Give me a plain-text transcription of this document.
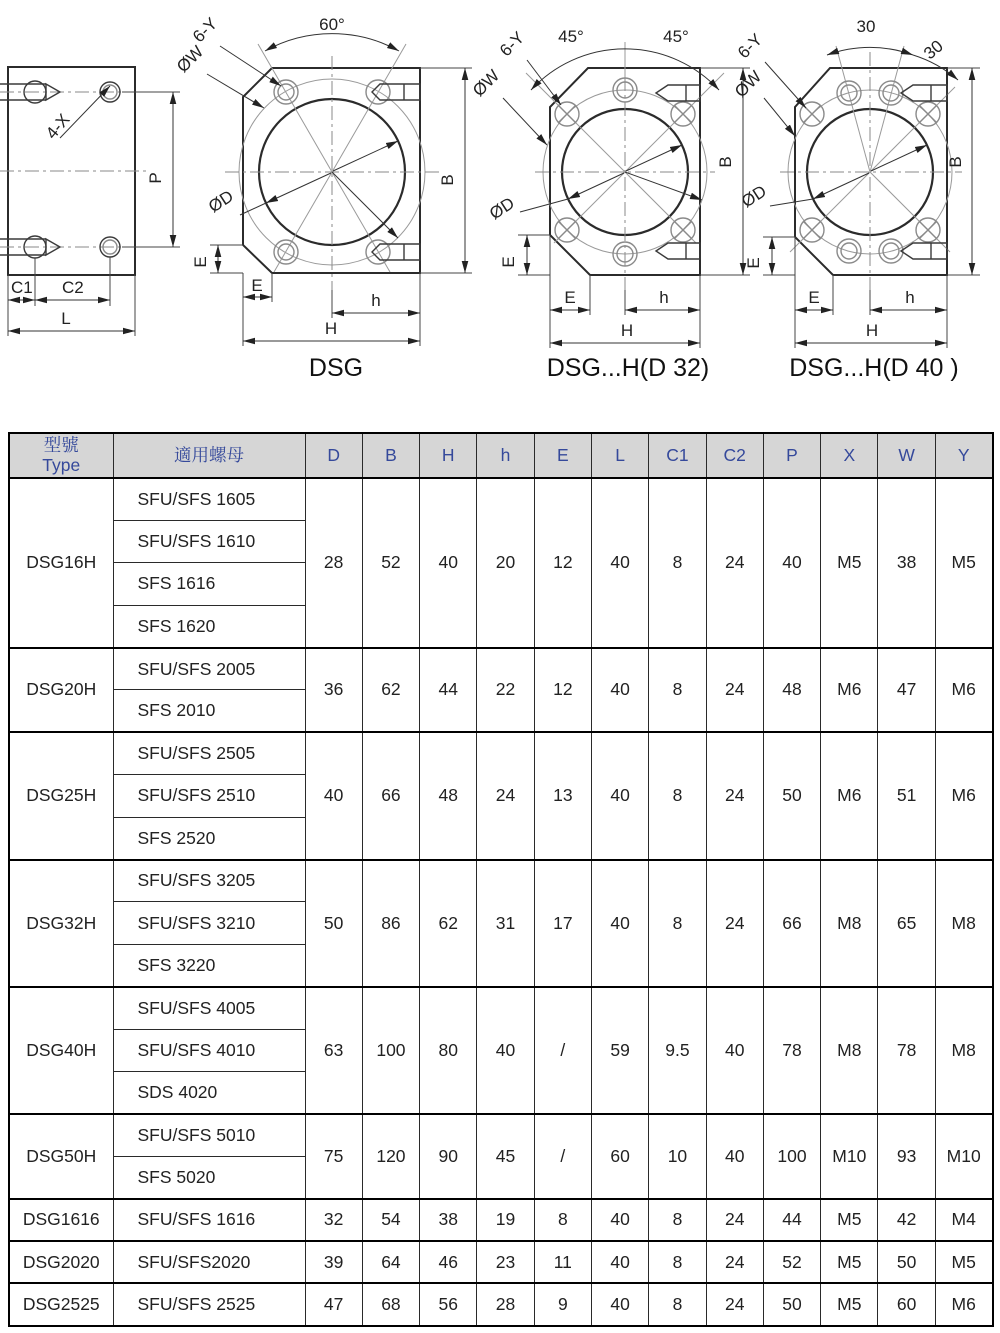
4-X
P
C1 C2
L
60°
6-Y
ØW
ØD
E
E
h
H
B
DSG
45°	45°
6-Y
ØW
ØD
E
E	h
H
B
DSG...H(D 32)
30
30
6-Y
ØW
ØD
E
E	h
H
B
DSG...H(D 40 )
型號
Type	適用螺母	D	B	H	h	E	L	C1	C2	P	X	W	Y
DSG16H	SFU/SFS 1605	28	52	40	20	12	40	8	24	40	M5	38	M5
	SFU/SFS 1610												
	SFS 1616												
	SFS 1620												
DSG20H	SFU/SFS 2005	36	62	44	22	12	40	8	24	48	M6	47	M6
	SFS 2010												
DSG25H	SFU/SFS 2505	40	66	48	24	13	40	8	24	50	M6	51	M6
	SFU/SFS 2510												
	SFS 2520												
DSG32H	SFU/SFS 3205	50	86	62	31	17	40	8	24	66	M8	65	M8
	SFU/SFS 3210												
	SFS 3220												
DSG40H	SFU/SFS 4005	63	100	80	40	/	59	9.5	40	78	M8	78	M8
	SFU/SFS 4010												
	SDS 4020												
DSG50H	SFU/SFS 5010	75	120	90	45	/	60	10	40	100	M10	93	M10
	SFS 5020												
DSG1616	SFU/SFS 1616	32	54	38	19	8	40	8	24	44	M5	42	M4
DSG2020	SFU/SFS2020	39	64	46	23	11	40	8	24	52	M5	50	M5
DSG2525	SFU/SFS 2525	47	68	56	28	9	40	8	24	50	M5	60	M6
